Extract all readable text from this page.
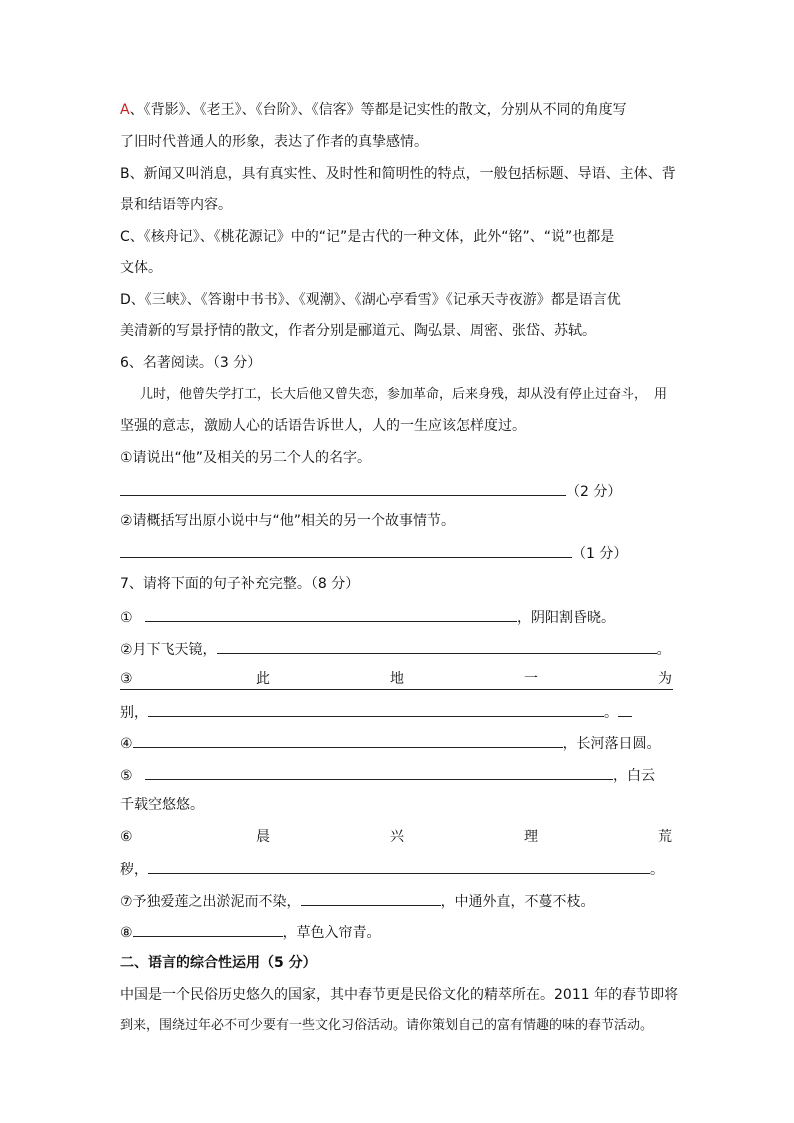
A、《背影》、《老王》、《台阶》、《信客》等都是记实性的散文，分别从不同的角度写
了旧时代普通人的形象，表达了作者的真挚感情。
B、新闻又叫消息，具有真实性、及时性和简明性的特点，一般包括标题、导语、主体、背
景和结语等内容。
C、《核舟记》、《桃花源记》中的“记”是古代的一种文体，此外“铭”、“说”也都是
文体。
D、《三峡》、《答谢中书书》、《观潮》、《湖心亭看雪》《记承天寺夜游》都是语言优
美清新的写景抒情的散文，作者分别是郦道元、陶弘景、周密、张岱、苏轼。
6、名著阅读。（3 分）
儿时，他曾失学打工，长大后他又曾失恋，参加革命，后来身残，却从没有停止过奋斗， 用
坚强的意志，激励人心的话语告诉世人，人的一生应该怎样度过。
①请说出“他”及相关的另二个人的名字。
（2 分）
②请概括写出原小说中与“他”相关的另一个故事情节。
（1 分）
7、请将下面的句子补充完整。（8 分）
①	，阴阳割昏晓。
②月下飞天镜，	。
③	此	地	一	为
别，	。
④	，长河落日圆。
⑤	，白云
千载空悠悠。
⑥	晨	兴	理	荒
秽，	。
⑦予独爱莲之出淤泥而不染，	，中通外直，不蔓不枝。
⑧	，草色入帘青。
二、语言的综合性运用（5 分）
中国是一个民俗历史悠久的国家，其中春节更是民俗文化的精萃所在。2011 年的春节即将
到来，围绕过年必不可少要有一些文化习俗活动。请你策划自己的富有情趣的味的春节活动。
